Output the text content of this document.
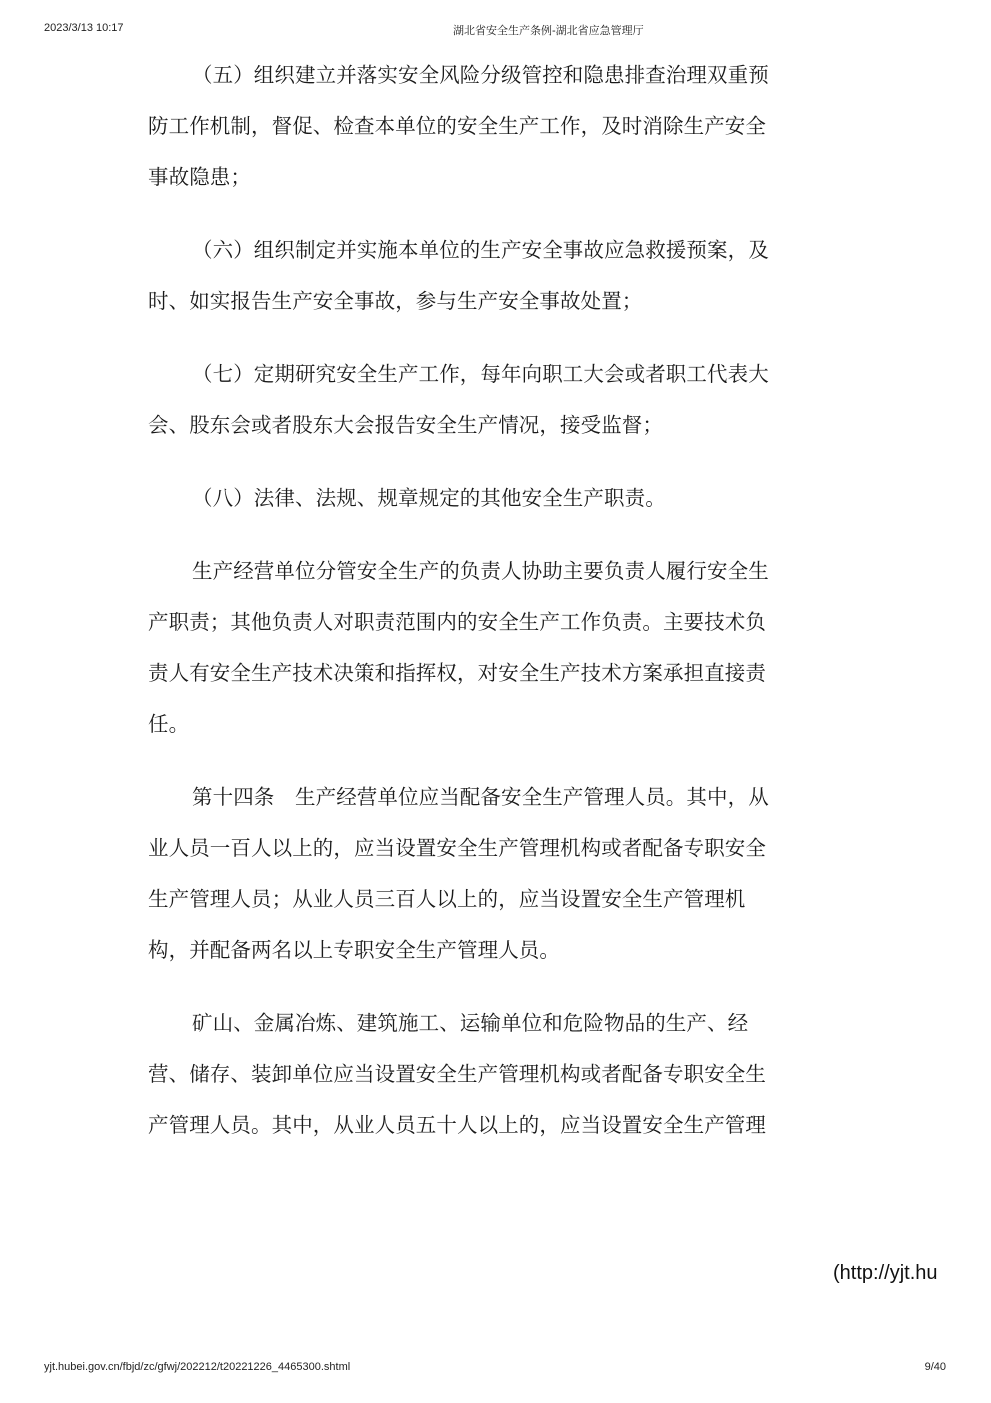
2023/3/13 10:17	湖北省安全生产条例-湖北省应急管理厅
（五）组织建立并落实安全风险分级管控和隐患排查治理双重预
防工作机制，督促、检查本单位的安全生产工作，及时消除生产安全
事故隐患；
（六）组织制定并实施本单位的生产安全事故应急救援预案，及
时、如实报告生产安全事故，参与生产安全事故处置；
（七）定期研究安全生产工作，每年向职工大会或者职工代表大
会、股东会或者股东大会报告安全生产情况，接受监督；
（八）法律、法规、规章规定的其他安全生产职责。
生产经营单位分管安全生产的负责人协助主要负责人履行安全生
产职责；其他负责人对职责范围内的安全生产工作负责。主要技术负
责人有安全生产技术决策和指挥权，对安全生产技术方案承担直接责
任。
第十四条　生产经营单位应当配备安全生产管理人员。其中，从
业人员一百人以上的，应当设置安全生产管理机构或者配备专职安全
生产管理人员；从业人员三百人以上的，应当设置安全生产管理机
构，并配备两名以上专职安全生产管理人员。
矿山、金属冶炼、建筑施工、运输单位和危险物品的生产、经
营、储存、装卸单位应当设置安全生产管理机构或者配备专职安全生
产管理人员。其中，从业人员五十人以上的，应当设置安全生产管理
(http://yjt.hu
yjt.hubei.gov.cn/fbjd/zc/gfwj/202212/t20221226_4465300.shtml	9/40
